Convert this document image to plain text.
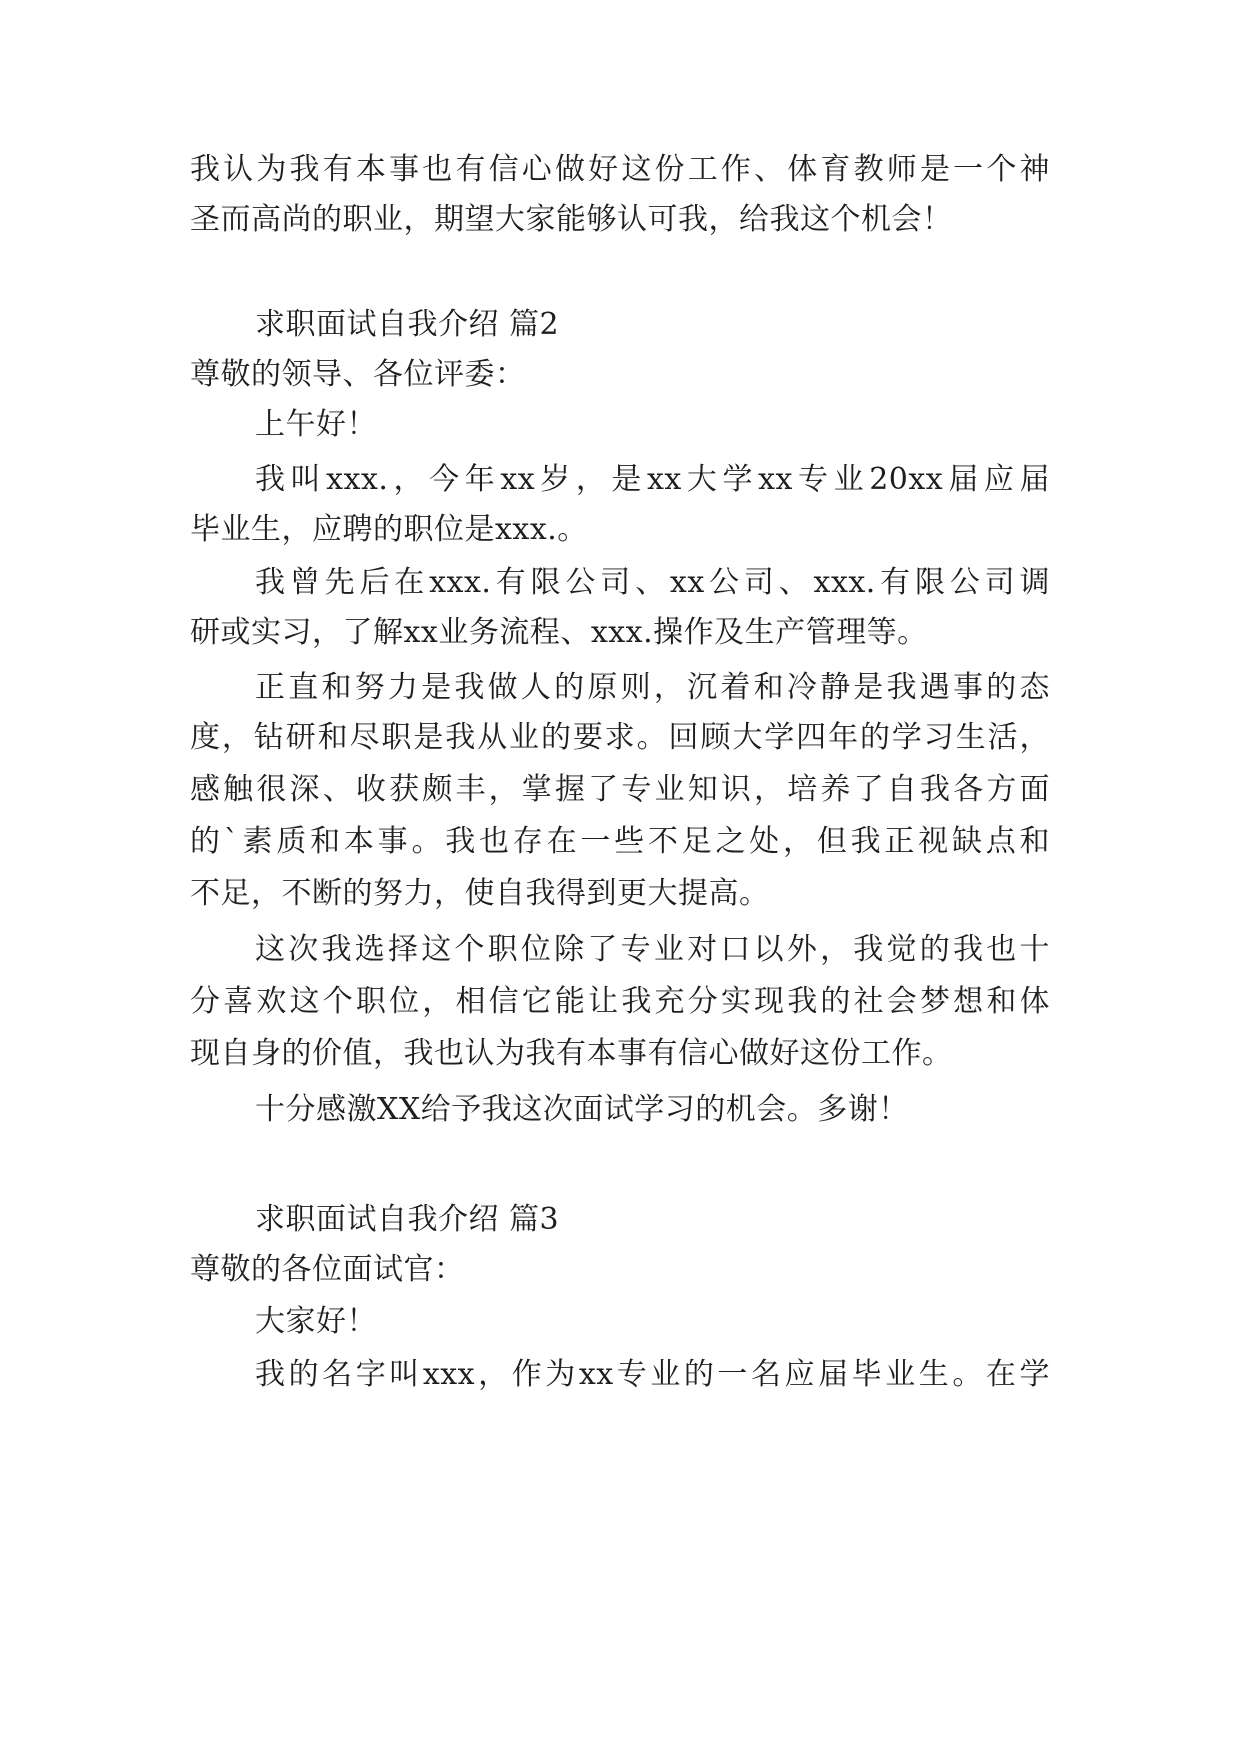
我认为我有本事也有信心做好这份工作、体育教师是一个神
圣而高尚的职业，期望大家能够认可我，给我这个机会！
求职面试自我介绍 篇2
尊敬的领导、各位评委：
上午好！
我叫xxx.，今年xx岁，是xx大学xx专业20xx届应届
毕业生，应聘的职位是xxx.。
我曾先后在xxx.有限公司、xx公司、xxx.有限公司调
研或实习，了解xx业务流程、xxx.操作及生产管理等。
正直和努力是我做人的原则，沉着和冷静是我遇事的态
度，钻研和尽职是我从业的要求。回顾大学四年的学习生活，
感触很深、收获颇丰，掌握了专业知识，培养了自我各方面
的`素质和本事。我也存在一些不足之处，但我正视缺点和
不足，不断的努力，使自我得到更大提高。
这次我选择这个职位除了专业对口以外，我觉的我也十
分喜欢这个职位，相信它能让我充分实现我的社会梦想和体
现自身的价值，我也认为我有本事有信心做好这份工作。
十分感激XX给予我这次面试学习的机会。多谢！
求职面试自我介绍 篇3
尊敬的各位面试官：
大家好！
我的名字叫xxx，作为xx专业的一名应届毕业生。在学
